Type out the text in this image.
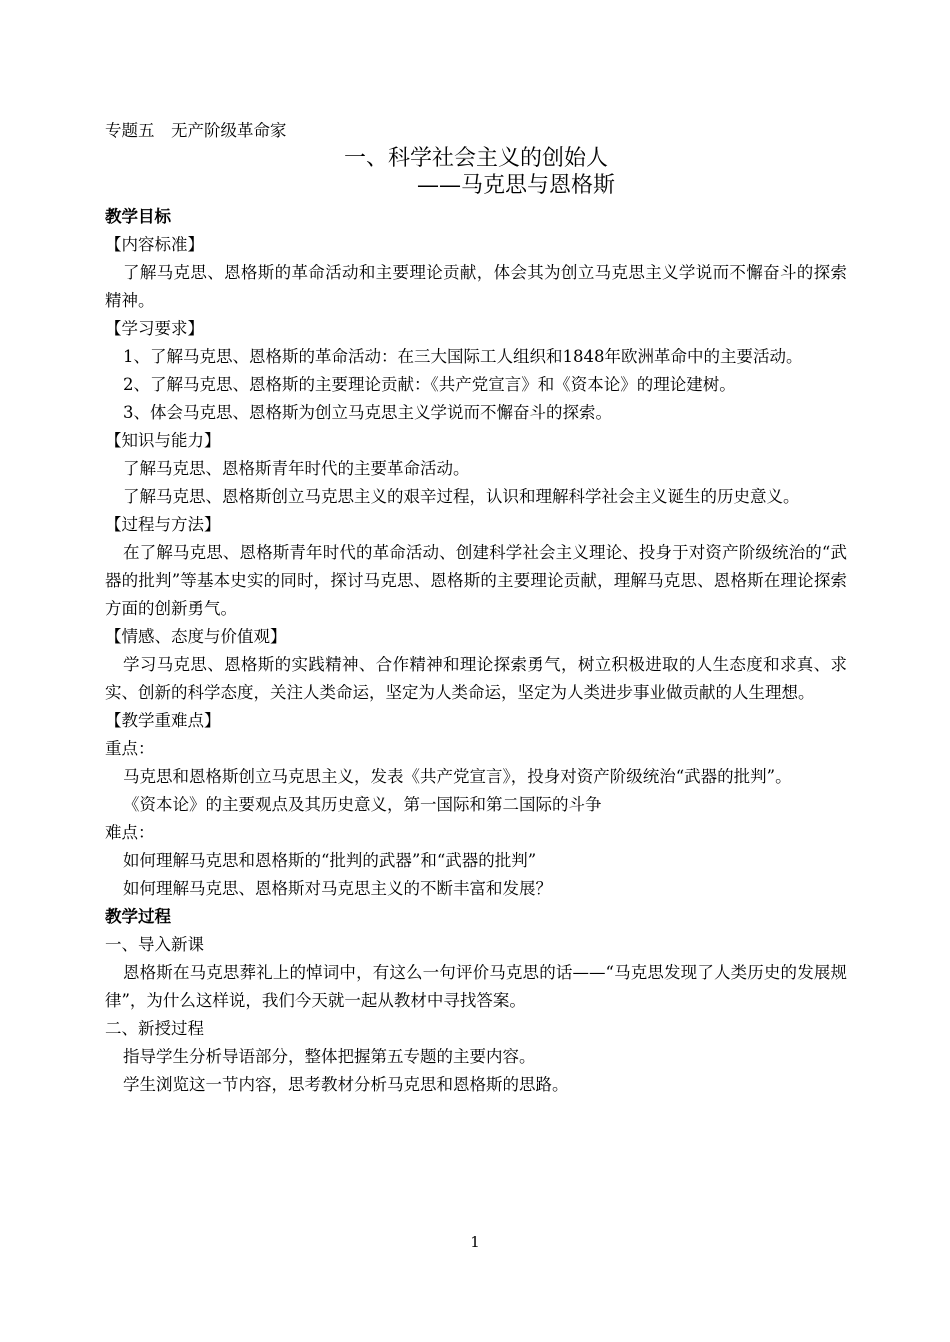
专题五　无产阶级革命家
一、科学社会主义的创始人
——马克思与恩格斯
教学目标
【内容标准】
了解马克思、恩格斯的革命活动和主要理论贡献，体会其为创立马克思主义学说而不懈奋斗的探索精神。
【学习要求】
1、了解马克思、恩格斯的革命活动：在三大国际工人组织和1848年欧洲革命中的主要活动。
2、了解马克思、恩格斯的主要理论贡献：《共产党宣言》和《资本论》的理论建树。
3、体会马克思、恩格斯为创立马克思主义学说而不懈奋斗的探索。
【知识与能力】
了解马克思、恩格斯青年时代的主要革命活动。
了解马克思、恩格斯创立马克思主义的艰辛过程，认识和理解科学社会主义诞生的历史意义。
【过程与方法】
在了解马克思、恩格斯青年时代的革命活动、创建科学社会主义理论、投身于对资产阶级统治的“武器的批判”等基本史实的同时，探讨马克思、恩格斯的主要理论贡献，理解马克思、恩格斯在理论探索方面的创新勇气。
【情感、态度与价值观】
学习马克思、恩格斯的实践精神、合作精神和理论探索勇气，树立积极进取的人生态度和求真、求实、创新的科学态度，关注人类命运，坚定为人类命运，坚定为人类进步事业做贡献的人生理想。
【教学重难点】
重点：
马克思和恩格斯创立马克思主义，发表《共产党宣言》，投身对资产阶级统治“武器的批判”。
《资本论》的主要观点及其历史意义，第一国际和第二国际的斗争
难点：
如何理解马克思和恩格斯的“批判的武器”和“武器的批判”
如何理解马克思、恩格斯对马克思主义的不断丰富和发展？
教学过程
一、导入新课
恩格斯在马克思葬礼上的悼词中，有这么一句评价马克思的话——“马克思发现了人类历史的发展规律”，为什么这样说，我们今天就一起从教材中寻找答案。
二、新授过程
指导学生分析导语部分，整体把握第五专题的主要内容。
学生浏览这一节内容，思考教材分析马克思和恩格斯的思路。
1
